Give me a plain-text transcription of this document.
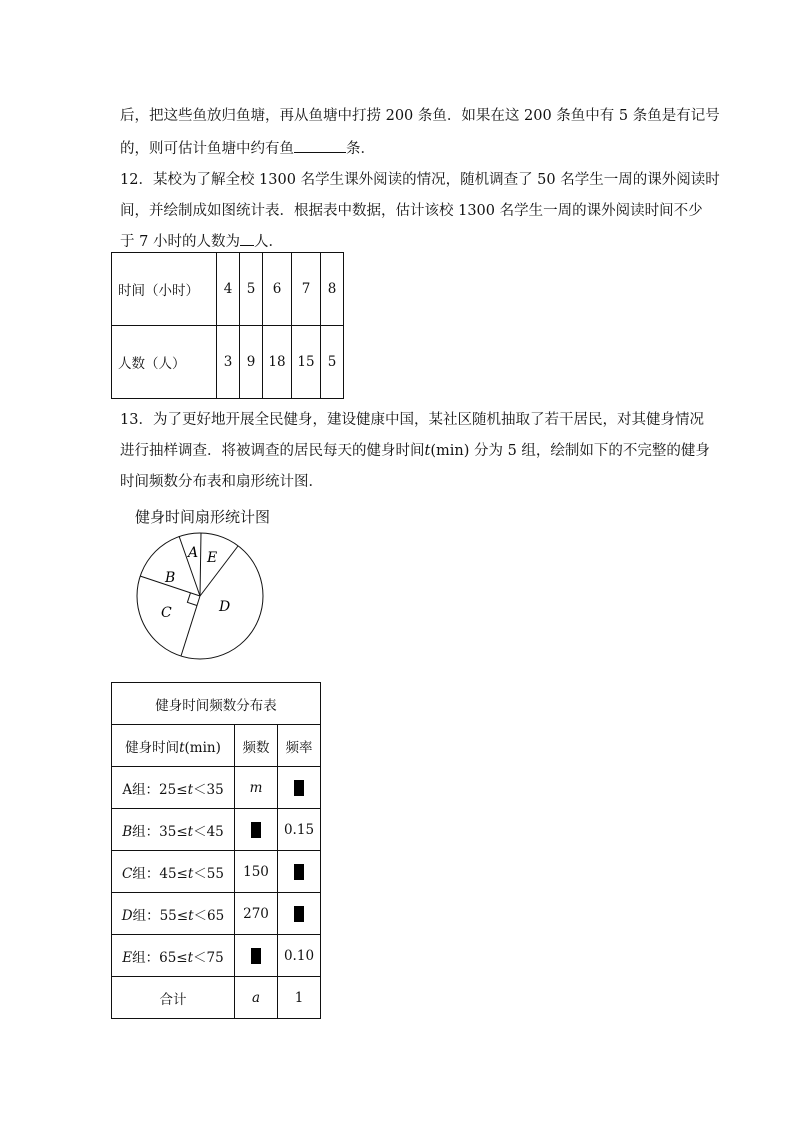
后，把这些鱼放归鱼塘，再从鱼塘中打捞 200 条鱼．如果在这 200 条鱼中有 5 条鱼是有记号
的，则可估计鱼塘中约有鱼	条．
12．某校为了解全校 1300 名学生课外阅读的情况，随机调查了 50 名学生一周的课外阅读时
间，并绘制成如图统计表．根据表中数据，估计该校 1300 名学生一周的课外阅读时间不少
于 7 小时的人数为 人．
时间（小时）	4	5	6	7	8
人数（人）	3	9	18	15	5
13．为了更好地开展全民健身，建设健康中国，某社区随机抽取了若干居民，对其健身情况
进行抽样调查．将被调查的居民每天的健身时间t(min) 分为 5 组，绘制如下的不完整的健身
时间频数分布表和扇形统计图．
健身时间扇形统计图
A E
B
C	D
健身时间频数分布表		
健身时间t(min)	频数	频率
A组：25≤t＜35	m	
B组：35≤t＜45		0.15
C组：45≤t＜55	150	
D组：55≤t＜65	270	
E组：65≤t＜75		0.10
合计	a	1
